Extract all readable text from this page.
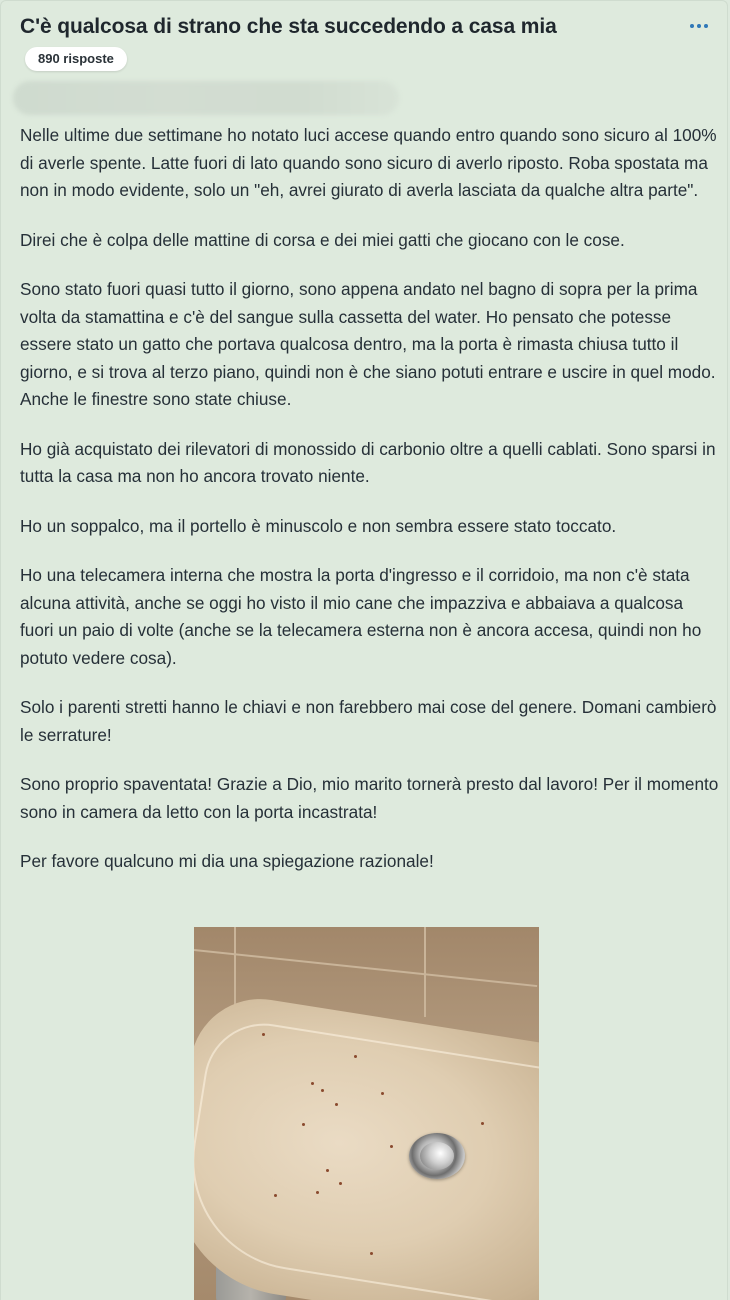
C'è qualcosa di strano che sta succedendo a casa mia
890 risposte

Nelle ultime due settimane ho notato luci accese quando entro quando sono sicuro al 100% di averle spente. Latte fuori di lato quando sono sicuro di averlo riposto. Roba spostata ma non in modo evidente, solo un "eh, avrei giurato di averla lasciata da qualche altra parte".

Direi che è colpa delle mattine di corsa e dei miei gatti che giocano con le cose.

Sono stato fuori quasi tutto il giorno, sono appena andato nel bagno di sopra per la prima volta da stamattina e c'è del sangue sulla cassetta del water. Ho pensato che potesse essere stato un gatto che portava qualcosa dentro, ma la porta è rimasta chiusa tutto il giorno, e si trova al terzo piano, quindi non è che siano potuti entrare e uscire in quel modo. Anche le finestre sono state chiuse.

Ho già acquistato dei rilevatori di monossido di carbonio oltre a quelli cablati. Sono sparsi in tutta la casa ma non ho ancora trovato niente.

Ho un soppalco, ma il portello è minuscolo e non sembra essere stato toccato.

Ho una telecamera interna che mostra la porta d'ingresso e il corridoio, ma non c'è stata alcuna attività, anche se oggi ho visto il mio cane che impazziva e abbaiava a qualcosa fuori un paio di volte (anche se la telecamera esterna non è ancora accesa, quindi non ho potuto vedere cosa).

Solo i parenti stretti hanno le chiavi e non farebbero mai cose del genere. Domani cambierò le serrature!

Sono proprio spaventata! Grazie a Dio, mio marito tornerà presto dal lavoro! Per il momento sono in camera da letto con la porta incastrata!

Per favore qualcuno mi dia una spiegazione razionale!
